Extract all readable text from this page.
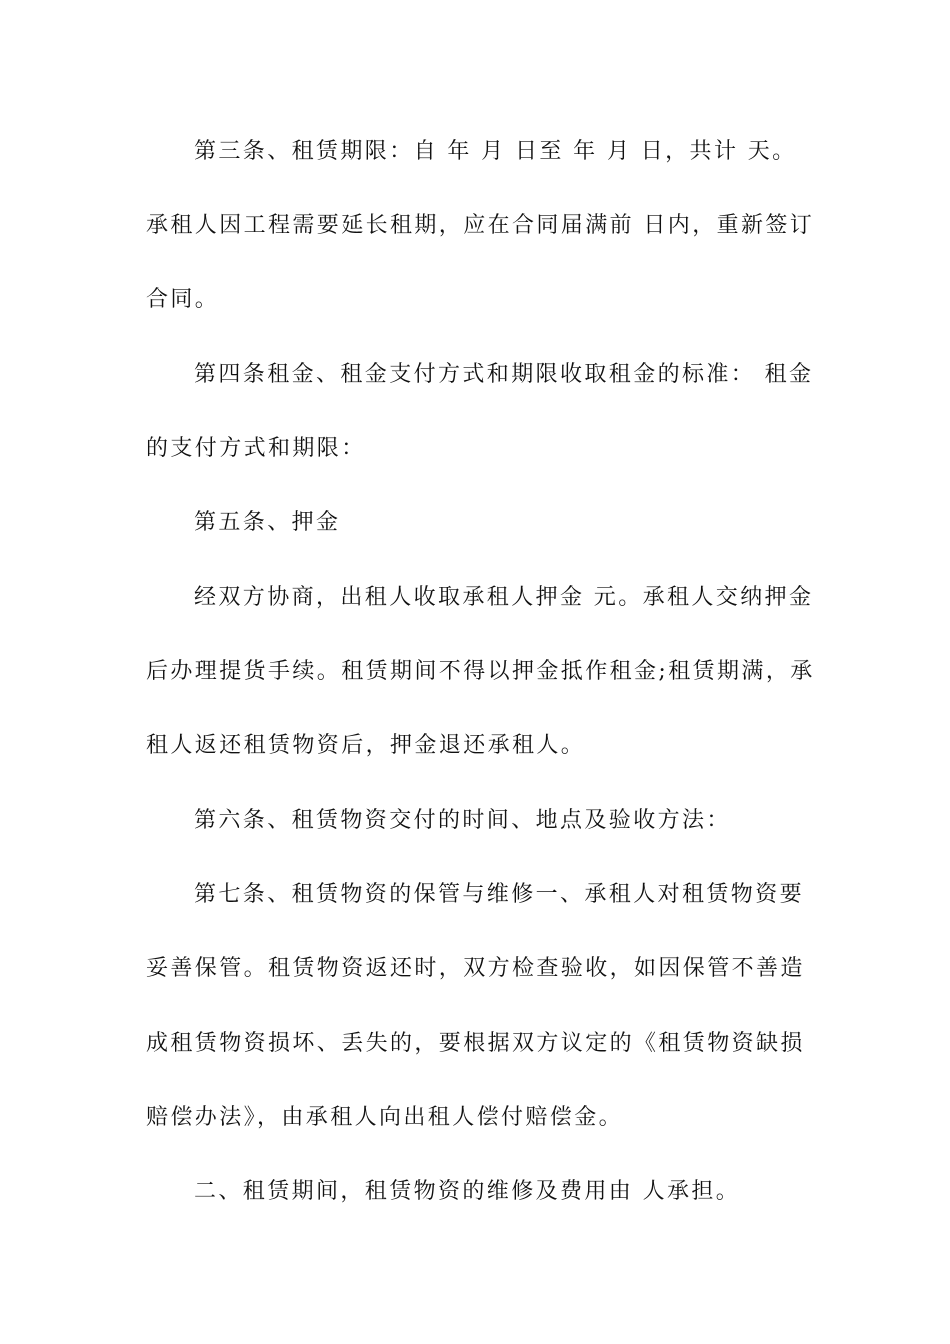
第三条、租赁期限：自 年 月 日至 年 月 日，共计 天。
承租人因工程需要延长租期，应在合同届满前 日内，重新签订
合同。
第四条租金、租金支付方式和期限收取租金的标准： 租金
的支付方式和期限：
第五条、押金
经双方协商，出租人收取承租人押金 元。承租人交纳押金
后办理提货手续。租赁期间不得以押金抵作租金;租赁期满，承
租人返还租赁物资后，押金退还承租人。
第六条、租赁物资交付的时间、地点及验收方法：
第七条、租赁物资的保管与维修一、承租人对租赁物资要
妥善保管。租赁物资返还时，双方检查验收，如因保管不善造
成租赁物资损坏、丢失的，要根据双方议定的《租赁物资缺损
赔偿办法》，由承租人向出租人偿付赔偿金。
二、租赁期间，租赁物资的维修及费用由 人承担。
